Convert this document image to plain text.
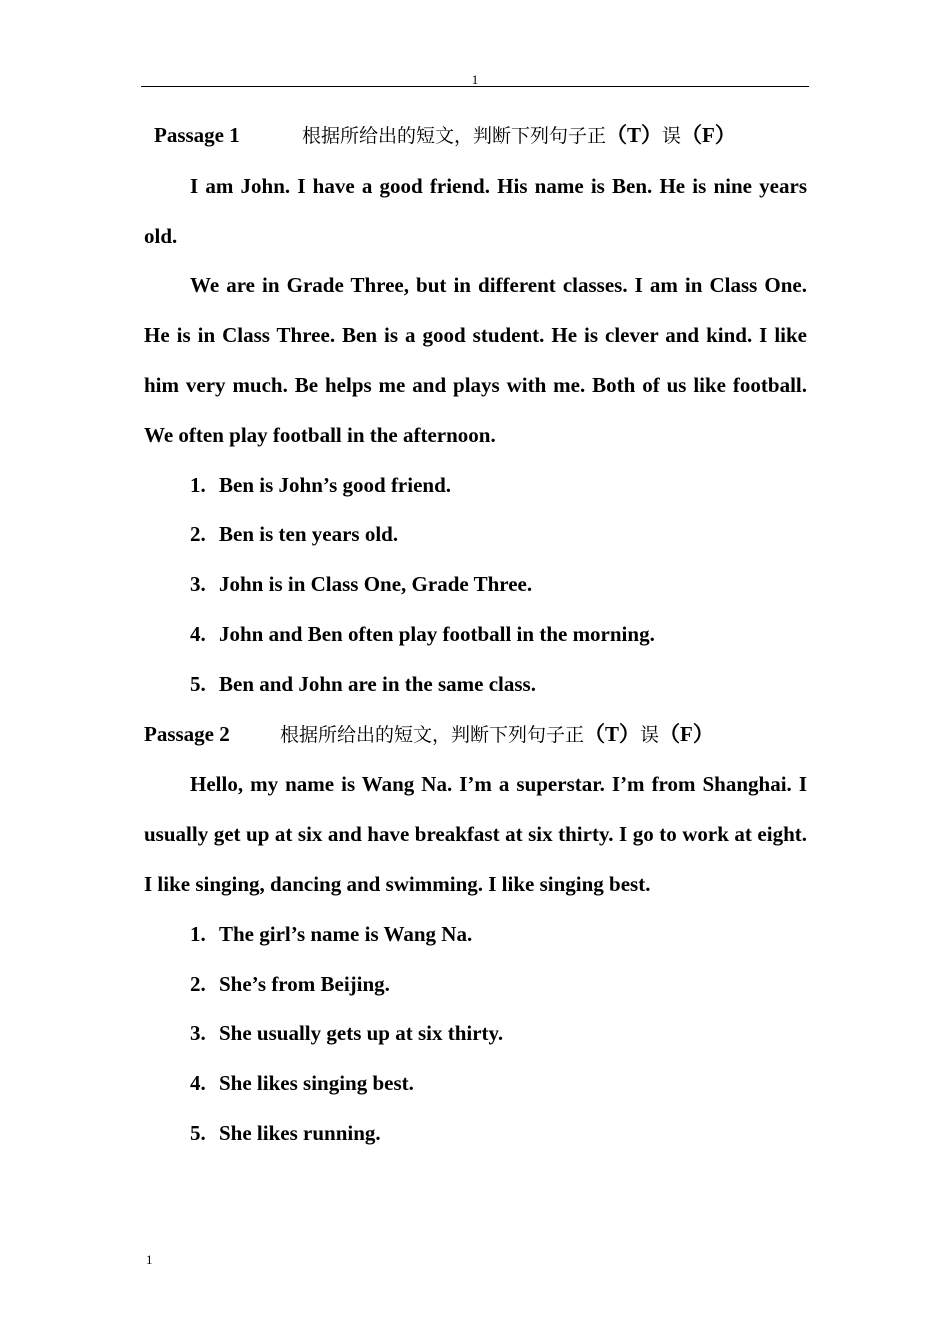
1
Passage 1	根据所给出的短文，判断下列句子正（T）误（F）

I am John. I have a good friend. His name is Ben. He is nine years old.

We are in Grade Three, but in different classes. I am in Class One. He is in Class Three. Ben is a good student. He is clever and kind. I like him very much. Be helps me and plays with me. Both of us like football. We often play football in the afternoon.

1. Ben is John’s good friend.
2. Ben is ten years old.
3. John is in Class One, Grade Three.
4. John and Ben often play football in the morning.
5. Ben and John are in the same class.
Passage 2	根据所给出的短文，判断下列句子正（T）误（F）

Hello, my name is Wang Na. I’m a superstar. I’m from Shanghai. I usually get up at six and have breakfast at six thirty. I go to work at eight. I like singing, dancing and swimming. I like singing best.

1. The girl’s name is Wang Na.
2. She’s from Beijing.
3. She usually gets up at six thirty.
4. She likes singing best.
5. She likes running.
1
